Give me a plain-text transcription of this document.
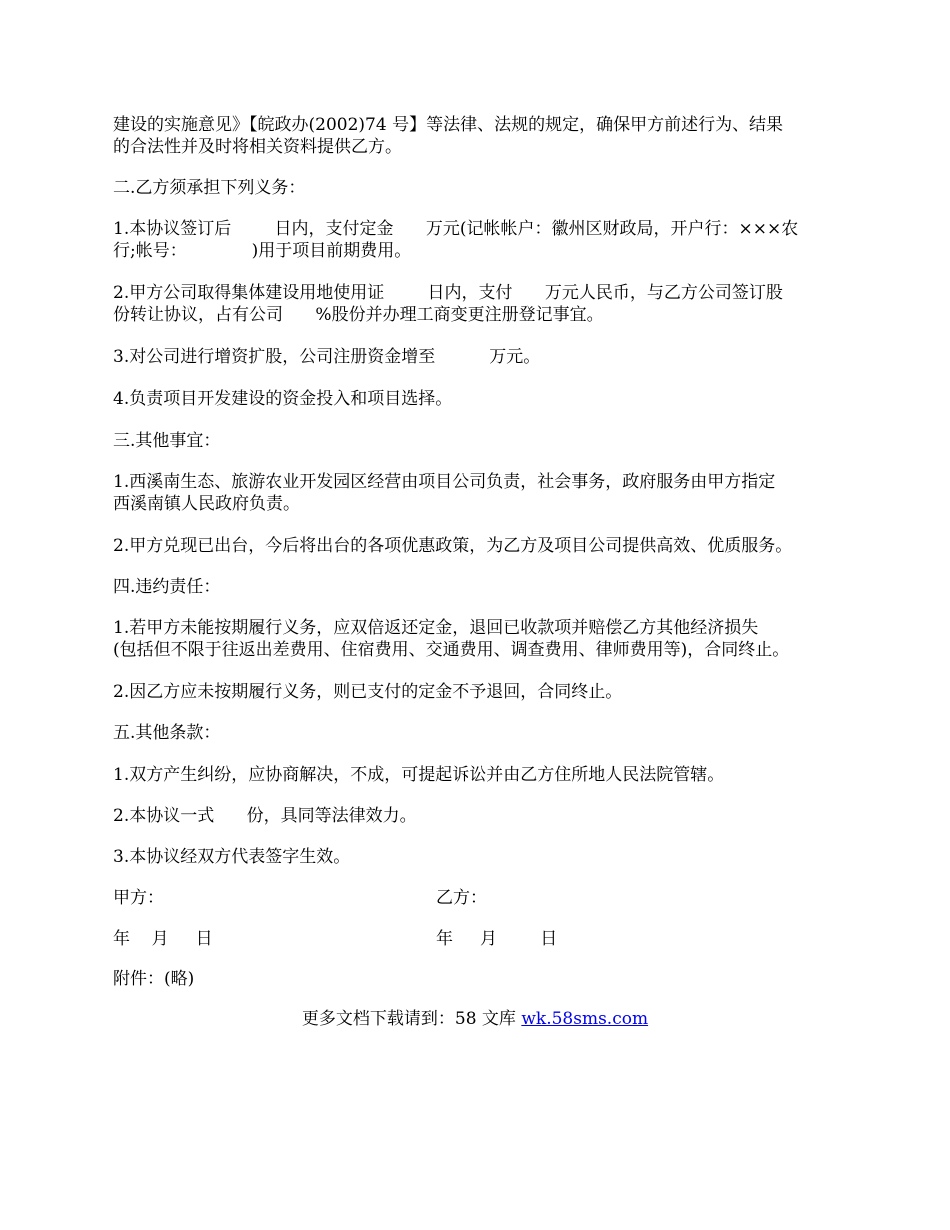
建设的实施意见》【皖政办(2002)74 号】等法律、法规的规定，确保甲方前述行为、结果
的合法性并及时将相关资料提供乙方。
二.乙方须承担下列义务：
1.本协议签订后        日内，支付定金      万元(记帐帐户：徽州区财政局，开户行：×××农
行;帐号：            )用于项目前期费用。
2.甲方公司取得集体建设用地使用证        日内，支付      万元人民币，与乙方公司签订股
份转让协议，占有公司      %股份并办理工商变更注册登记事宜。
3.对公司进行增资扩股，公司注册资金增至          万元。
4.负责项目开发建设的资金投入和项目选择。
三.其他事宜：
1.西溪南生态、旅游农业开发园区经营由项目公司负责，社会事务，政府服务由甲方指定
西溪南镇人民政府负责。
2.甲方兑现已出台，今后将出台的各项优惠政策，为乙方及项目公司提供高效、优质服务。
四.违约责任：
1.若甲方未能按期履行义务，应双倍返还定金，退回已收款项并赔偿乙方其他经济损失
(包括但不限于往返出差费用、住宿费用、交通费用、调查费用、律师费用等)，合同终止。
2.因乙方应未按期履行义务，则已支付的定金不予退回，合同终止。
五.其他条款：
1.双方产生纠纷，应协商解决，不成，可提起诉讼并由乙方住所地人民法院管辖。
2.本协议一式      份，具同等法律效力。
3.本协议经双方代表签字生效。
甲方：	乙方：
年    月     日	年     月        日
附件：(略)
更多文档下载请到：58 文库 wk.58sms.com
